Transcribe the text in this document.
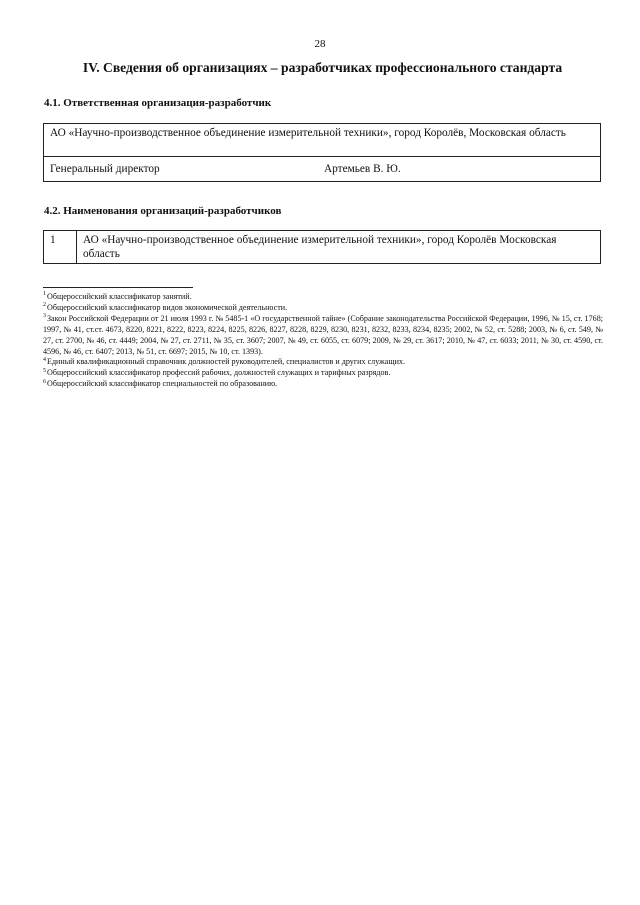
28
IV. Сведения об организациях – разработчиках профессионального стандарта
4.1. Ответственная организация-разработчик
АО «Научно-производственное объединение измерительной техники», город Королёв, Московская область
Генеральный директор	Артемьев В. Ю.
4.2. Наименования организаций-разработчиков
1	АО «Научно-производственное объединение измерительной техники», город Королёв Московская область

$^1$Общероссийский классификатор занятий.

$^2$Общероссийский классификатор видов экономической деятельности.

$^3$Закон Российской Федерации от 21 июля 1993 г. № 5485-1 «О государственной тайне» (Собрание законодательства Российской Федерации, 1996, № 15, ст. 1768; 1997, № 41, ст.ст. 4673, 8220, 8221, 8222, 8223, 8224, 8225, 8226, 8227, 8228, 8229, 8230, 8231, 8232, 8233, 8234, 8235; 2002, № 52, ст. 5288; 2003, № 6, ст. 549, № 27, ст. 2700, № 46, ст. 4449; 2004, № 27, ст. 2711, № 35, ст. 3607; 2007, № 49, ст. 6055, ст. 6079; 2009, № 29, ст. 3617; 2010, № 47, ст. 6033; 2011, № 30, ст. 4590, ст. 4596, № 46, ст. 6407; 2013, № 51, ст. 6697; 2015, № 10, ст. 1393).

$^4$Единый квалификационный справочник должностей руководителей, специалистов и других служащих.

$^5$Общероссийский классификатор профессий рабочих, должностей служащих и тарифных разрядов.

$^6$Общероссийский классификатор специальностей по образованию.
